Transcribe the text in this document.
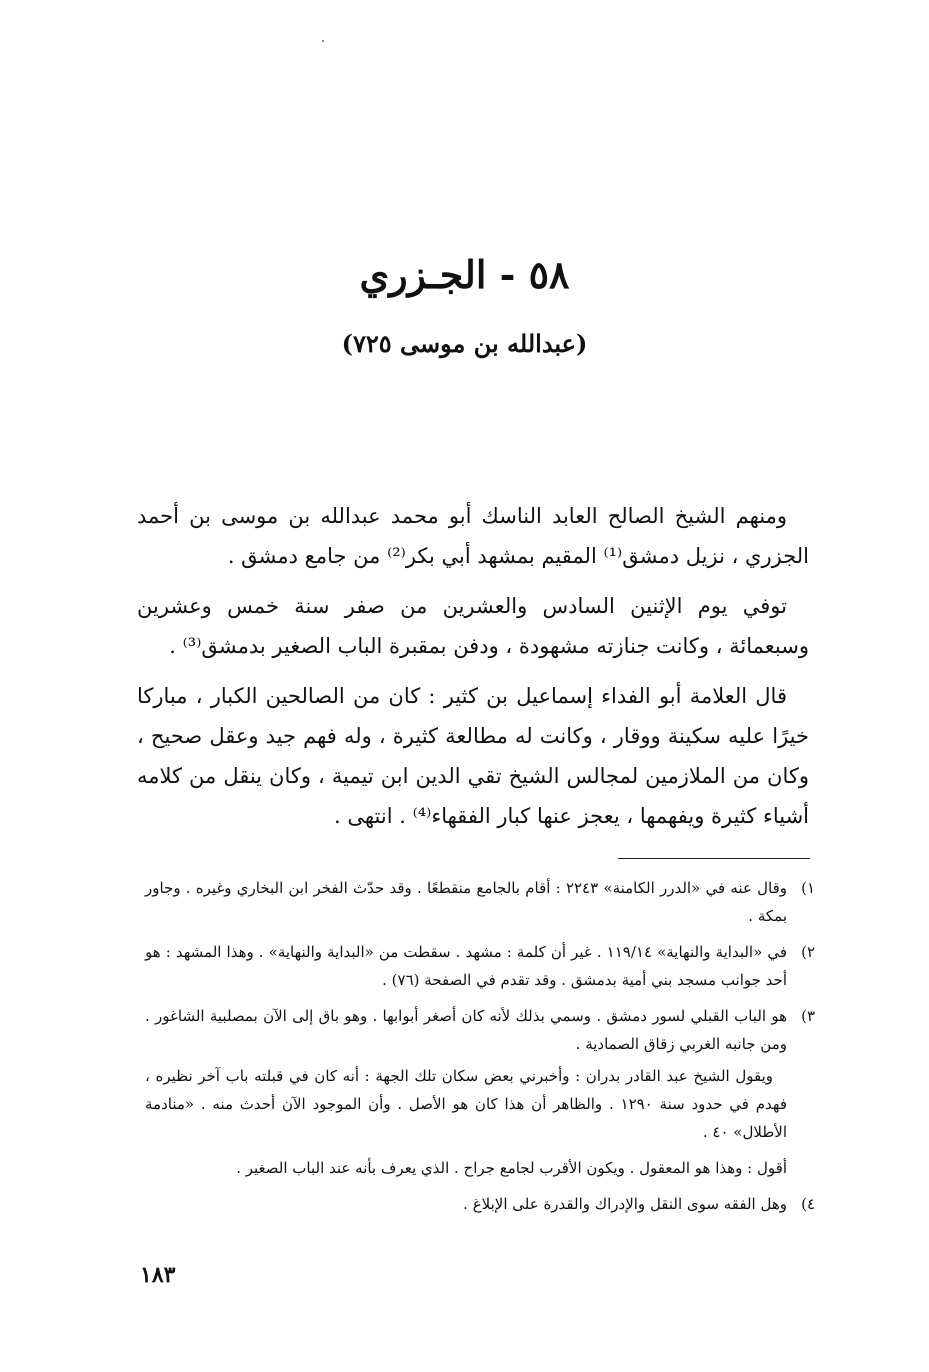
٥٨ - الجـزري
(عبدالله بن موسى ٧٢٥)

ومنهم الشيخ الصالح العابد الناسك أبو محمد عبدالله بن موسى بن أحمد الجزري ، نزيل دمشق⁽¹⁾ المقيم بمشهد أبي بكر⁽²⁾ من جامع دمشق .

توفي يوم الإثنين السادس والعشرين من صفر سنة خمس وعشرين وسبعمائة ، وكانت جنازته مشهودة ، ودفن بمقبرة الباب الصغير بدمشق⁽³⁾ .

قال العلامة أبو الفداء إسماعيل بن كثير : كان من الصالحين الكبار ، مباركا خيرًا عليه سكينة ووقار ، وكانت له مطالعة كثيرة ، وله فهم جيد وعقل صحيح ، وكان من الملازمين لمجالس الشيخ تقي الدين ابن تيمية ، وكان ينقل من كلامه أشياء كثيرة ويفهمها ، يعجز عنها كبار الفقهاء⁽⁴⁾ . انتهى .

١)

وقال عنه في «الدرر الكامنة» ٢٢٤٣ : أقام بالجامع منقطعًا . وقد حدّث الفخر ابن البخاري وغيره . وجاور بمكة .

٢)

في «البداية والنهاية» ١١٩/١٤ . غير أن كلمة : مشهد . سقطت من «البداية والنهاية» . وهذا المشهد : هو أحد جوانب مسجد بني أمية بدمشق . وقد تقدم في الصفحة (٧٦) .

٣)

هو الباب القبلي لسور دمشق . وسمي بذلك لأنه كان أصغر أبوابها . وهو باق إلى الآن بمصلبية الشاغور . ومن جانبه الغربي زقاق الصمادية .

ويقول الشيخ عبد القادر بدران : وأخبرني بعض سكان تلك الجهة : أنه كان في قبلته باب آخر نظيره ، فهدم في حدود سنة ١٢٩٠ . والظاهر أن هذا كان هو الأصل . وأن الموجود الآن أحدث منه . «منادمة الأطلال» ٤٠ .

أقول : وهذا هو المعقول . ويكون الأقرب لجامع جراح . الذي يعرف بأنه عند الباب الصغير .

٤)

وهل الفقه سوى النقل والإدراك والقدرة على الإبلاغ .

١٨٣
